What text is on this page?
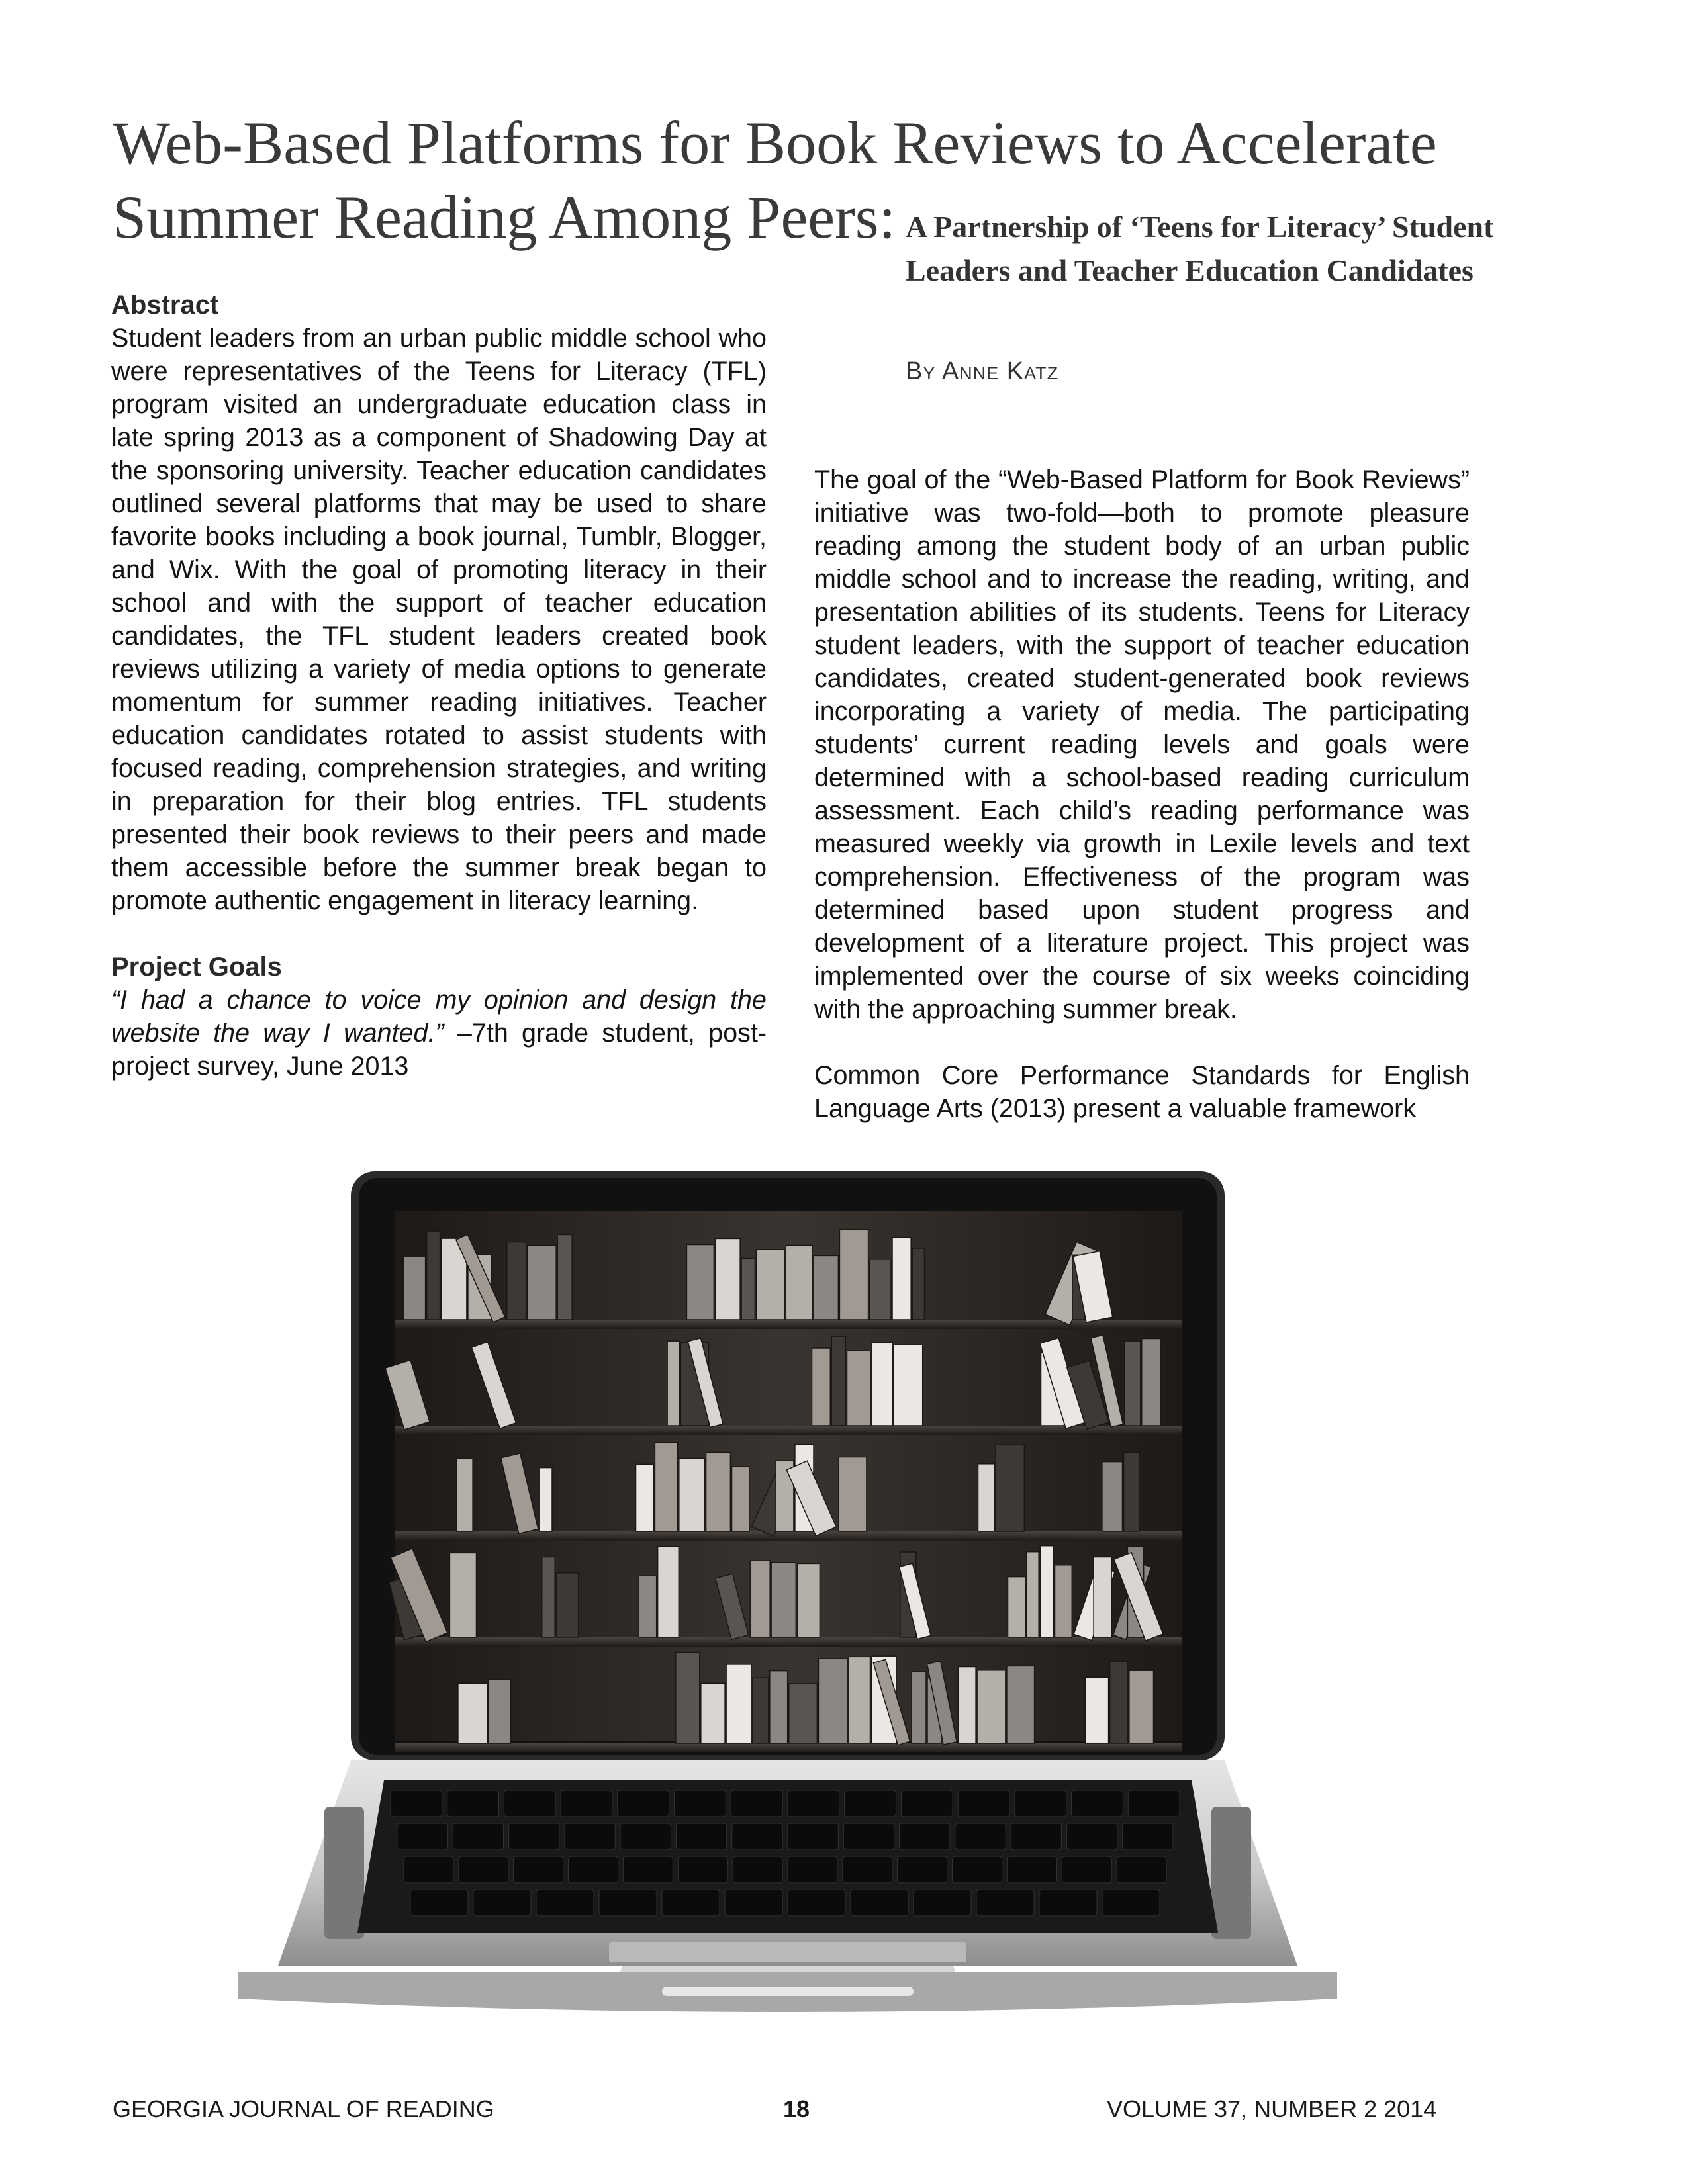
Web-Based Platforms for Book Reviews to Accelerate
Summer Reading Among Peers: A Partnership of ‘Teens for Literacy’ Student Leaders and Teacher Education Candidates
By Anne Katz
Abstract

Student leaders from an urban public middle school who were representatives of the Teens for Literacy (TFL) program visited an undergraduate education class in late spring 2013 as a component of Shadowing Day at the sponsoring university. Teacher education candidates outlined several platforms that may be used to share favorite books including a book journal, Tumblr, Blogger, and Wix. With the goal of promoting literacy in their school and with the support of teacher education candidates, the TFL student leaders created book reviews utilizing a variety of media options to generate momentum for summer reading initiatives. Teacher education candidates rotated to assist students with focused reading, comprehension strategies, and writing in preparation for their blog entries. TFL students presented their book reviews to their peers and made them accessible before the summer break began to promote authentic engagement in literacy learning.

Project Goals

“I had a chance to voice my opinion and design the website the way I wanted.” –7th grade student, post-project survey, June 2013

The goal of the “Web-Based Platform for Book Reviews” initiative was two-fold—both to promote pleasure reading among the student body of an urban public middle school and to increase the reading, writing, and presentation abilities of its students. Teens for Literacy student leaders, with the support of teacher education candidates, created student-generated book reviews incorporating a variety of media. The participating students’ current reading levels and goals were determined with a school-based reading curriculum assessment. Each child’s reading performance was measured weekly via growth in Lexile levels and text comprehension. Effectiveness of the program was determined based upon student progress and development of a literature project. This project was implemented over the course of six weeks coinciding with the approaching summer break.

Common Core Performance Standards for English Language Arts (2013) present a valuable framework

GEORGIA JOURNAL OF READING	18	VOLUME 37, NUMBER 2 2014
